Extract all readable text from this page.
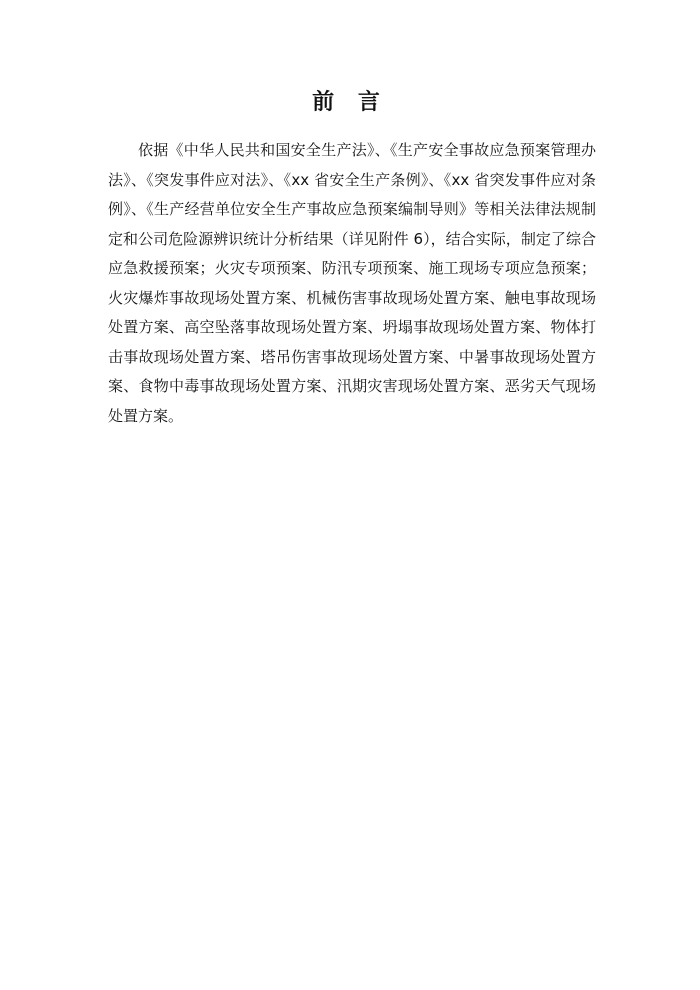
前 言

依据《中华人民共和国安全生产法》、《生产安全事故应急预案管理办法》、《突发事件应对法》、《xx 省安全生产条例》、《xx 省突发事件应对条例》、《生产经营单位安全生产事故应急预案编制导则》等相关法律法规制定和公司危险源辨识统计分析结果（详见附件 6），结合实际，制定了综合应急救援预案；火灾专项预案、防汛专项预案、施工现场专项应急预案；火灾爆炸事故现场处置方案、机械伤害事故现场处置方案、触电事故现场处置方案、高空坠落事故现场处置方案、坍塌事故现场处置方案、物体打击事故现场处置方案、塔吊伤害事故现场处置方案、中暑事故现场处置方案、食物中毒事故现场处置方案、汛期灾害现场处置方案、恶劣天气现场处置方案。
